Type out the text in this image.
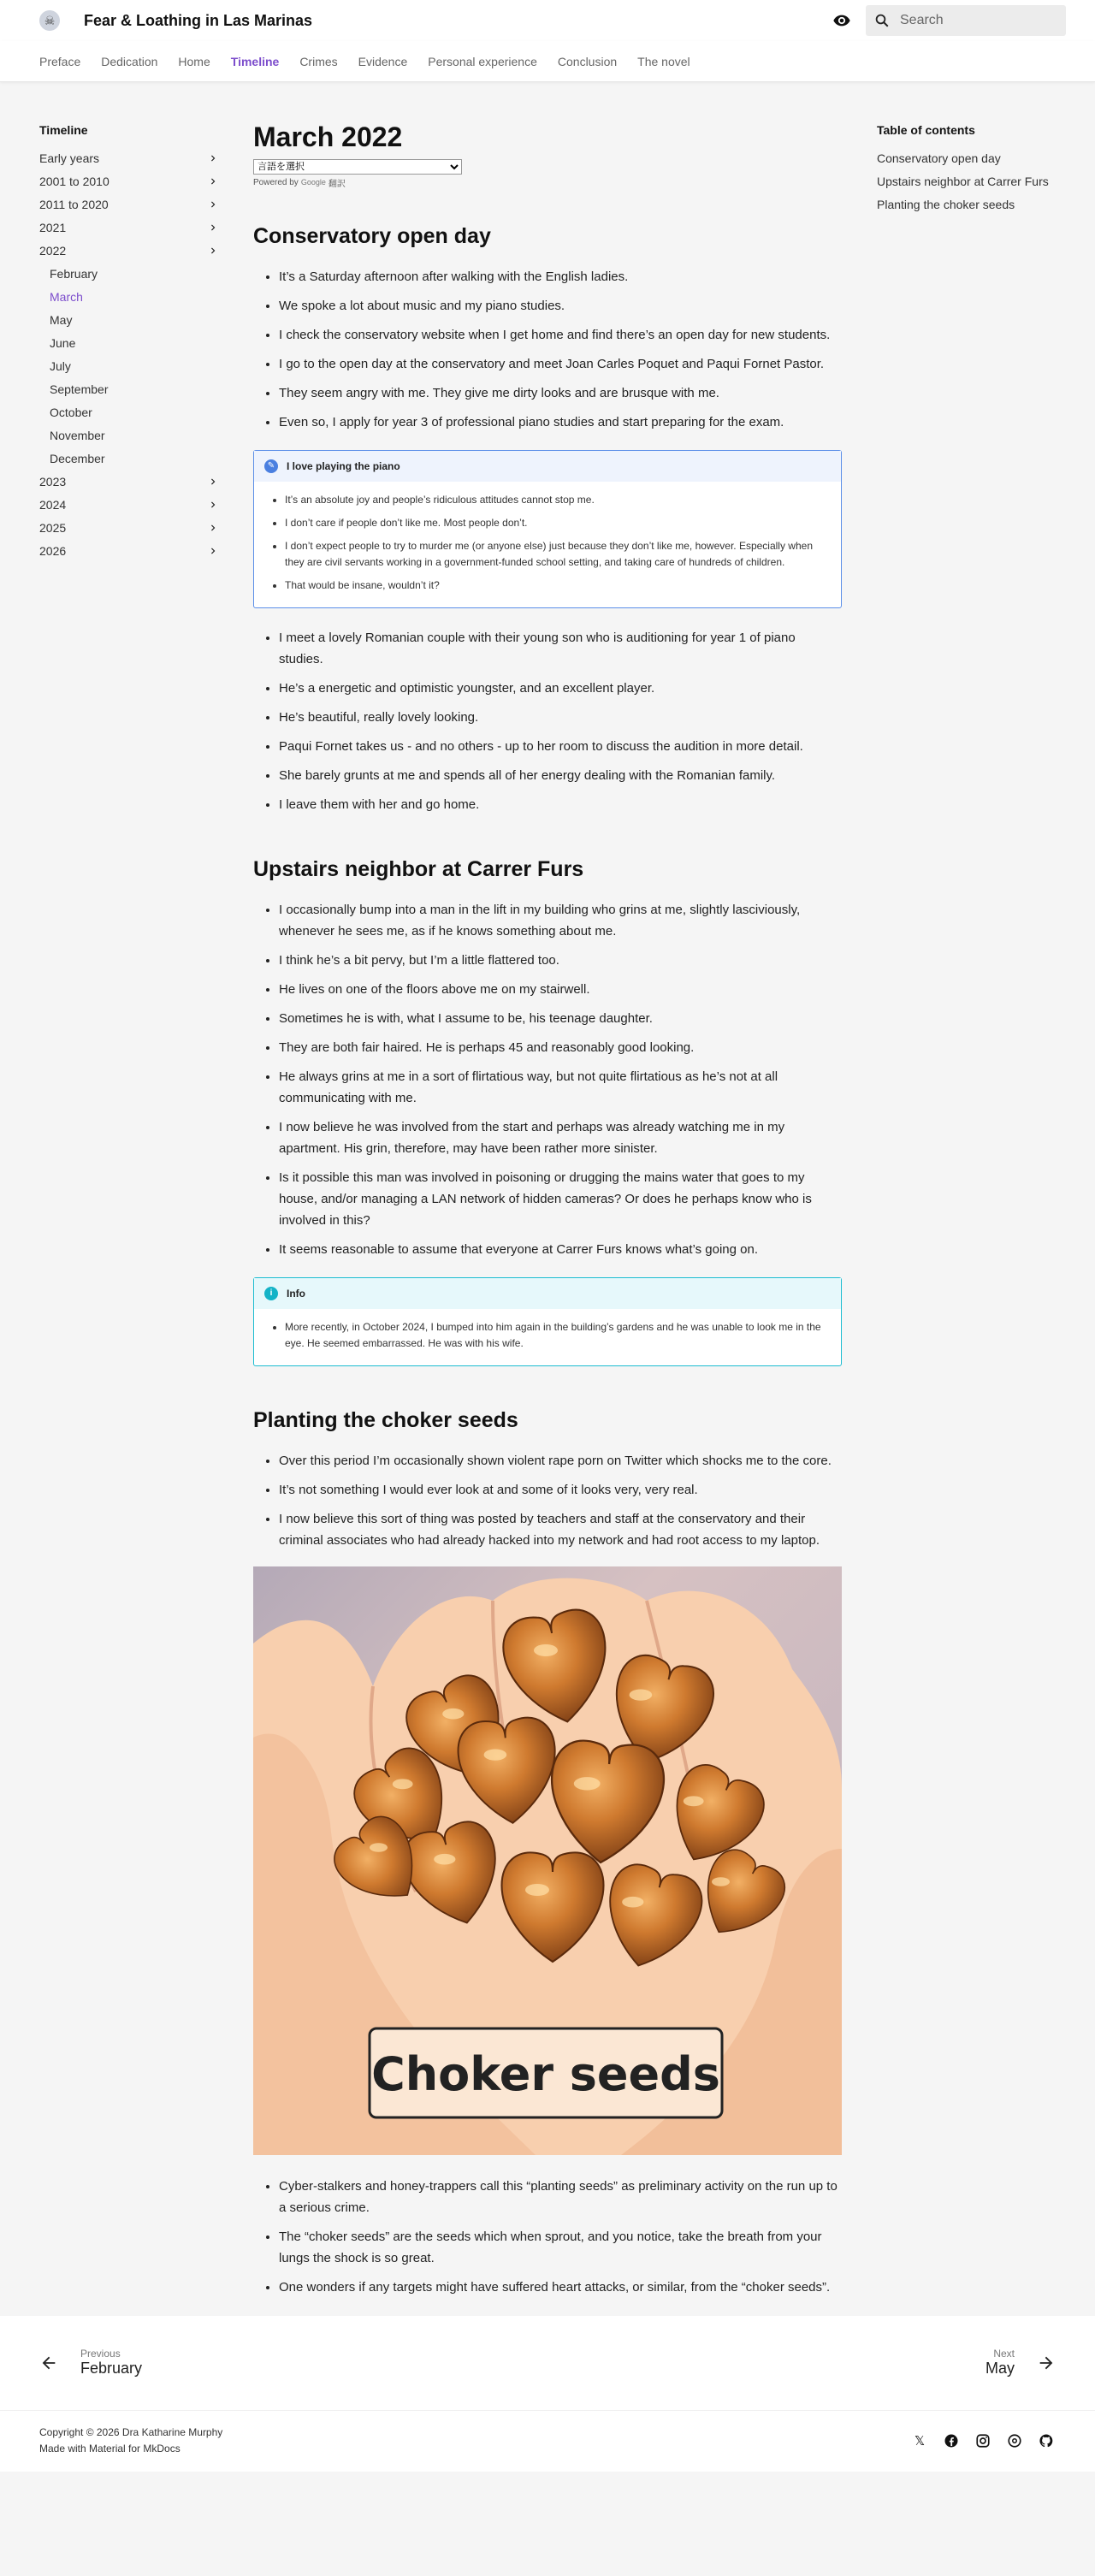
☠	Fear & Loathing in Las Marinas
Search
Preface Dedication Home Timeline Crimes Evidence Personal experience Conclusion The novel
Timeline
Early years
2001 to 2010
2011 to 2020
2021
2022
February
March
May
June
July
September
October
November
December
2023
2024
2025
2026
March 2022
言語を選択
Powered by Google 翻訳
Conservatory open day
• It’s a Saturday afternoon after walking with the English ladies.
• We spoke a lot about music and my piano studies.
• I check the conservatory website when I get home and find there’s an open day for new students.
• I go to the open day at the conservatory and meet Joan Carles Poquet and Paqui Fornet Pastor.
• They seem angry with me. They give me dirty looks and are brusque with me.
• Even so, I apply for year 3 of professional piano studies and start preparing for the exam.
✎	I love playing the piano
• It’s an absolute joy and people’s ridiculous attitudes cannot stop me.
• I don’t care if people don’t like me. Most people don’t.
• I don’t expect people to try to murder me (or anyone else) just because they don’t like me, however. Especially when they are civil servants working in a government-funded school setting, and taking care of hundreds of children.
• That would be insane, wouldn’t it?
• I meet a lovely Romanian couple with their young son who is auditioning for year 1 of piano studies.
• He’s a energetic and optimistic youngster, and an excellent player.
• He’s beautiful, really lovely looking.
• Paqui Fornet takes us - and no others - up to her room to discuss the audition in more detail.
• She barely grunts at me and spends all of her energy dealing with the Romanian family.
• I leave them with her and go home.
Upstairs neighbor at Carrer Furs
• I occasionally bump into a man in the lift in my building who grins at me, slightly lasciviously, whenever he sees me, as if he knows something about me.
• I think he’s a bit pervy, but I’m a little flattered too.
• He lives on one of the floors above me on my stairwell.
• Sometimes he is with, what I assume to be, his teenage daughter.
• They are both fair haired. He is perhaps 45 and reasonably good looking.
• He always grins at me in a sort of flirtatious way, but not quite flirtatious as he’s not at all communicating with me.
• I now believe he was involved from the start and perhaps was already watching me in my apartment. His grin, therefore, may have been rather more sinister.
• Is it possible this man was involved in poisoning or drugging the mains water that goes to my house, and/or managing a LAN network of hidden cameras? Or does he perhaps know who is involved in this?
• It seems reasonable to assume that everyone at Carrer Furs knows what’s going on.
i	Info
• More recently, in October 2024, I bumped into him again in the building’s gardens and he was unable to look me in the eye. He seemed embarrassed. He was with his wife.
Planting the choker seeds
• Over this period I’m occasionally shown violent rape porn on Twitter which shocks me to the core.
• It’s not something I would ever look at and some of it looks very, very real.
• I now believe this sort of thing was posted by teachers and staff at the conservatory and their criminal associates who had already hacked into my network and had root access to my laptop.
Choker seeds
• Cyber-stalkers and honey-trappers call this “planting seeds” as preliminary activity on the run up to a serious crime.
• The “choker seeds” are the seeds which when sprout, and you notice, take the breath from your lungs the shock is so great.
• One wonders if any targets might have suffered heart attacks, or similar, from the “choker seeds”.
Table of contents
Conservatory open day
Upstairs neighbor at Carrer Furs
Planting the choker seeds
Previous
February
Next
May
Copyright © 2026 Dra Katharine Murphy
Made with Material for MkDocs	𝕏
